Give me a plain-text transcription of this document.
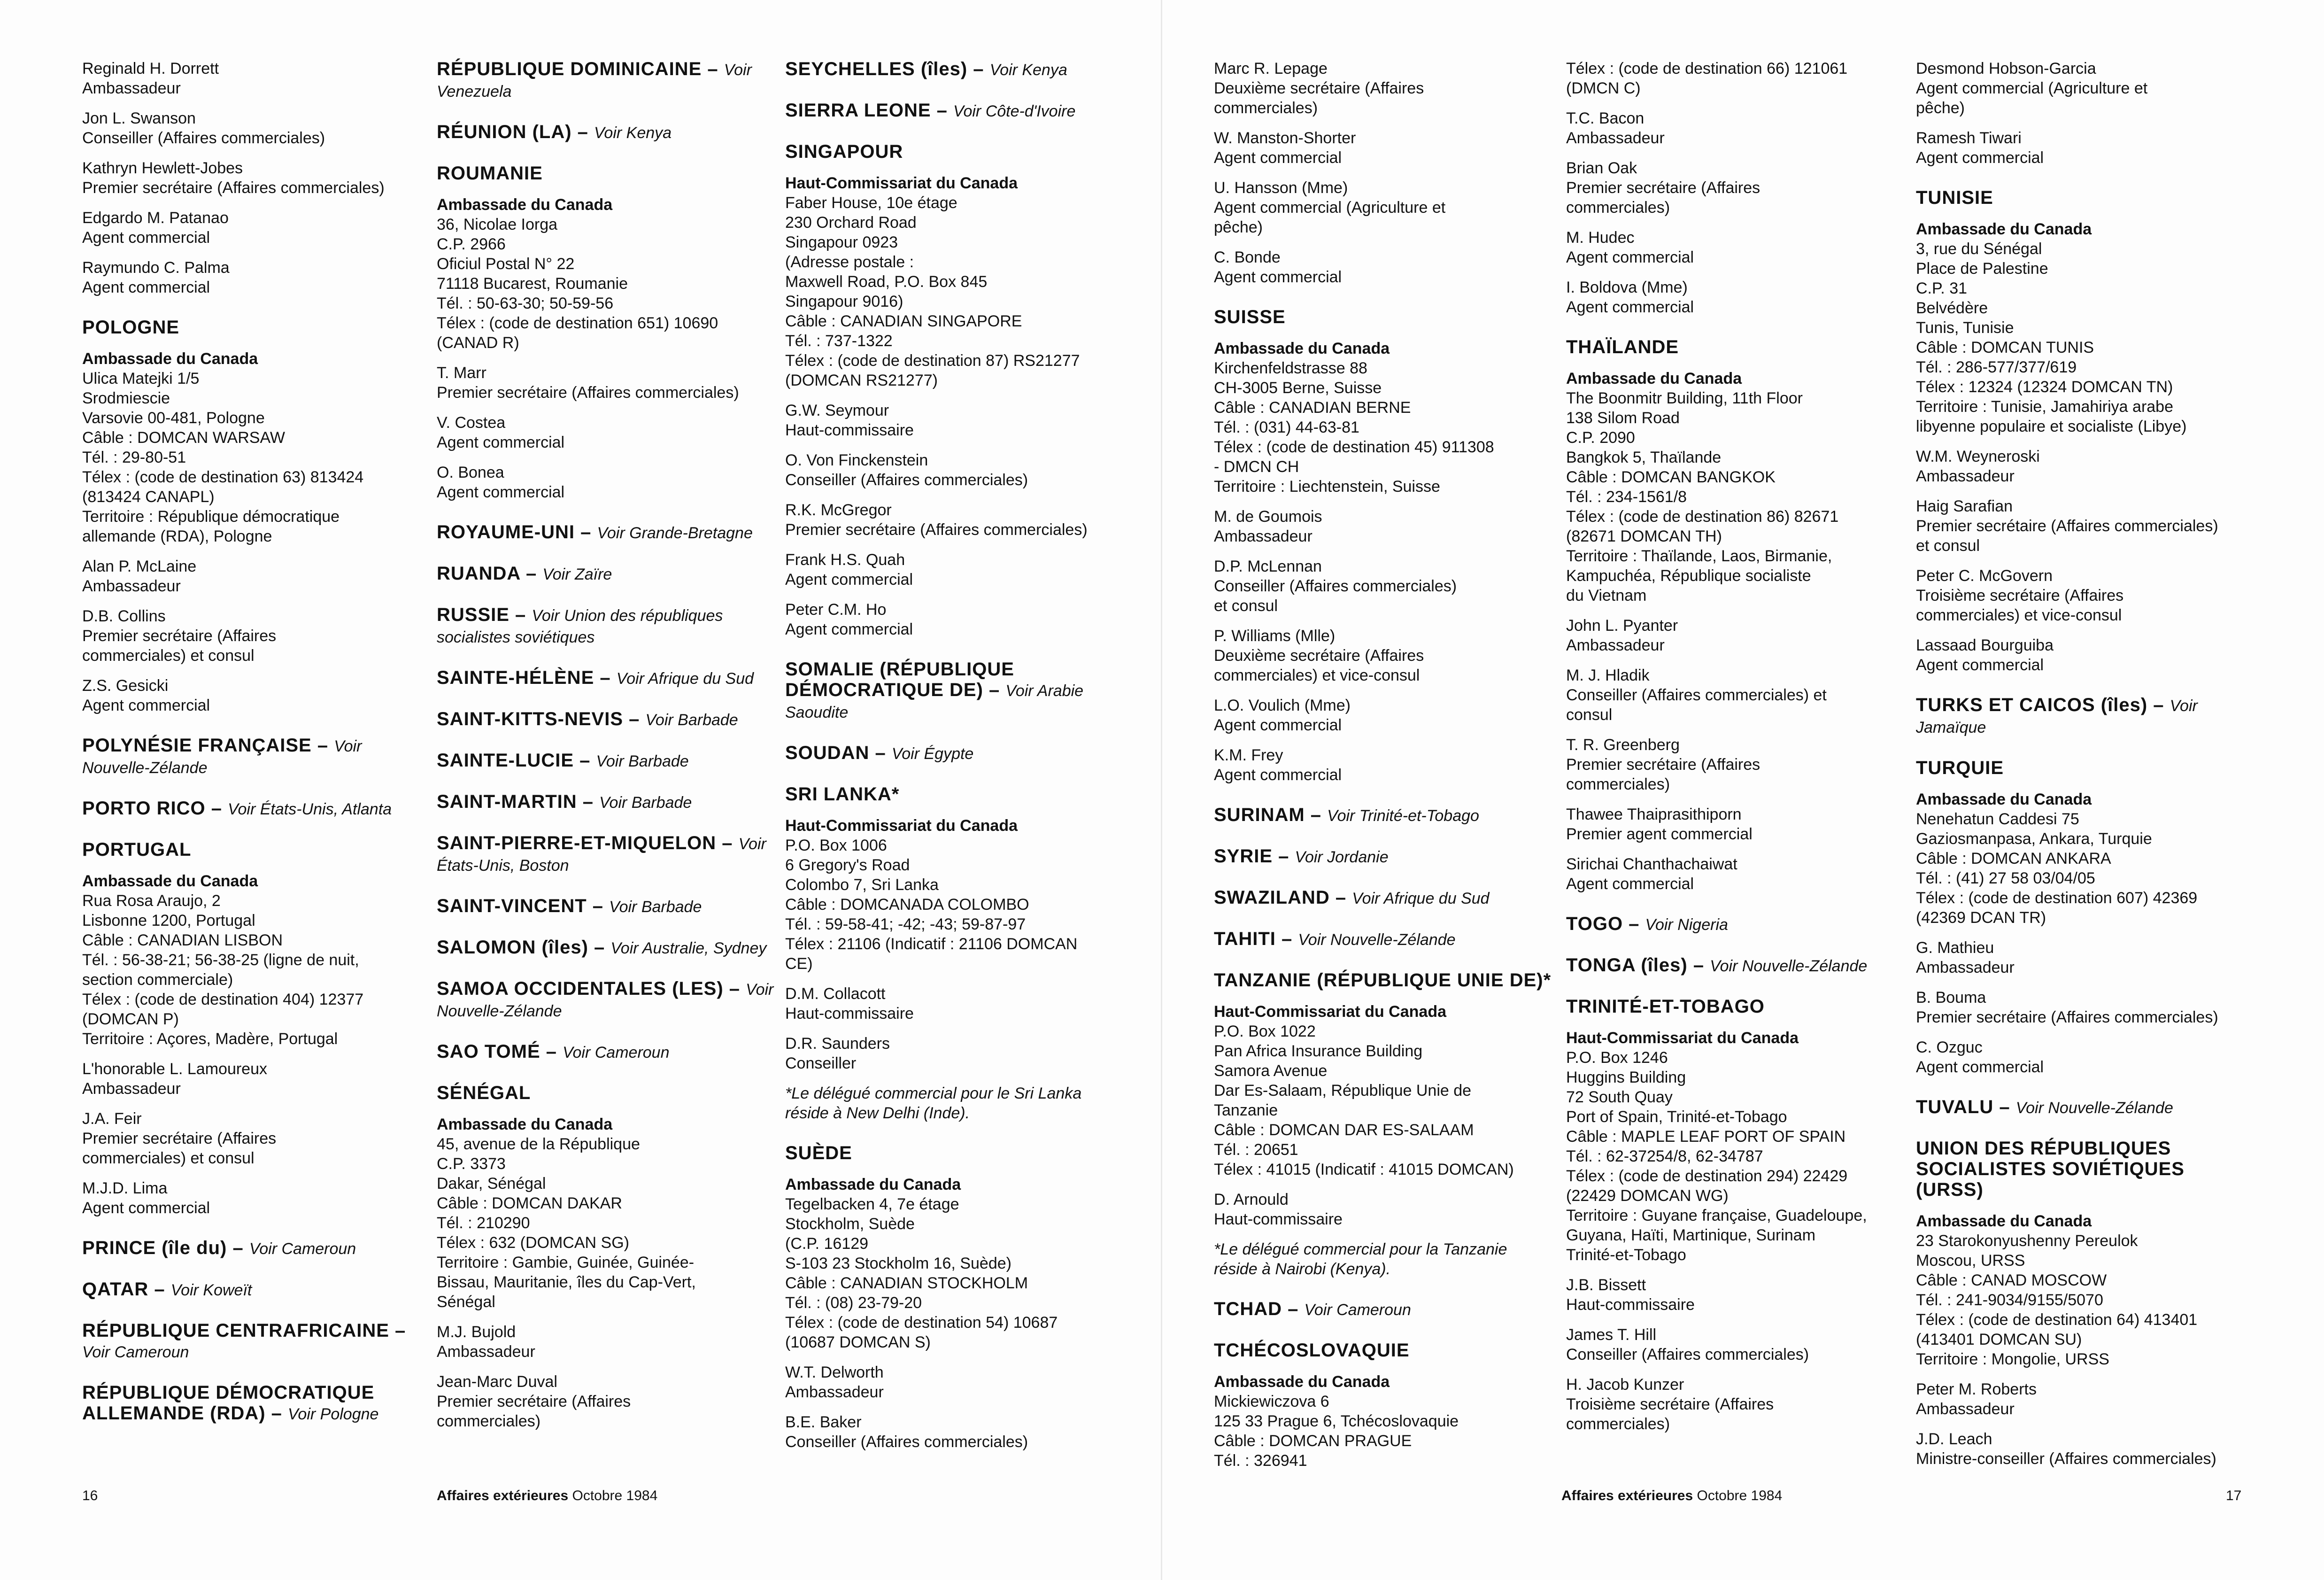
Reginald H. Dorrett
Ambassadeur
Jon L. Swanson
Conseiller (Affaires commerciales)
Kathryn Hewlett-Jobes
Premier secrétaire (Affaires commerciales)
Edgardo M. Patanao
Agent commercial
Raymundo C. Palma
Agent commercial
POLOGNE
Ambassade du Canada
Ulica Matejki 1/5
Srodmiescie
Varsovie 00-481, Pologne
Câble : DOMCAN WARSAW
Tél. : 29-80-51
Télex : (code de destination 63) 813424
(813424 CANAPL)
Territoire : République démocratique
allemande (RDA), Pologne
Alan P. McLaine
Ambassadeur
D.B. Collins
Premier secrétaire (Affaires
commerciales) et consul
Z.S. Gesicki
Agent commercial
POLYNÉSIE FRANÇAISE – Voir Nouvelle-Zélande
PORTO RICO – Voir États-Unis, Atlanta
PORTUGAL
Ambassade du Canada
Rua Rosa Araujo, 2
Lisbonne 1200, Portugal
Câble : CANADIAN LISBON
Tél. : 56-38-21; 56-38-25 (ligne de nuit,
section commerciale)
Télex : (code de destination 404) 12377
(DOMCAN P)
Territoire : Açores, Madère, Portugal
L'honorable L. Lamoureux
Ambassadeur
J.A. Feir
Premier secrétaire (Affaires
commerciales) et consul
M.J.D. Lima
Agent commercial
PRINCE (île du) – Voir Cameroun
QATAR – Voir Koweït
RÉPUBLIQUE CENTRAFRICAINE – Voir Cameroun
RÉPUBLIQUE DÉMOCRATIQUE ALLEMANDE (RDA) – Voir Pologne
RÉPUBLIQUE DOMINICAINE – Voir Venezuela
RÉUNION (LA) – Voir Kenya
ROUMANIE
Ambassade du Canada
36, Nicolae Iorga
C.P. 2966
Oficiul Postal N° 22
71118 Bucarest, Roumanie
Tél. : 50-63-30; 50-59-56
Télex : (code de destination 651) 10690
(CANAD R)
T. Marr
Premier secrétaire (Affaires commerciales)
V. Costea
Agent commercial
O. Bonea
Agent commercial
ROYAUME-UNI – Voir Grande-Bretagne
RUANDA – Voir Zaïre
RUSSIE – Voir Union des républiques socialistes soviétiques
SAINTE-HÉLÈNE – Voir Afrique du Sud
SAINT-KITTS-NEVIS – Voir Barbade
SAINTE-LUCIE – Voir Barbade
SAINT-MARTIN – Voir Barbade
SAINT-PIERRE-ET-MIQUELON – Voir États-Unis, Boston
SAINT-VINCENT – Voir Barbade
SALOMON (îles) – Voir Australie, Sydney
SAMOA OCCIDENTALES (LES) – Voir Nouvelle-Zélande
SAO TOMÉ – Voir Cameroun
SÉNÉGAL
Ambassade du Canada
45, avenue de la République
C.P. 3373
Dakar, Sénégal
Câble : DOMCAN DAKAR
Tél. : 210290
Télex : 632 (DOMCAN SG)
Territoire : Gambie, Guinée, Guinée-
Bissau, Mauritanie, îles du Cap-Vert,
Sénégal
M.J. Bujold
Ambassadeur
Jean-Marc Duval
Premier secrétaire (Affaires
commerciales)
SEYCHELLES (îles) – Voir Kenya
SIERRA LEONE – Voir Côte-d'Ivoire
SINGAPOUR
Haut-Commissariat du Canada
Faber House, 10e étage
230 Orchard Road
Singapour 0923
(Adresse postale :
Maxwell Road, P.O. Box 845
Singapour 9016)
Câble : CANADIAN SINGAPORE
Tél. : 737-1322
Télex : (code de destination 87) RS21277
(DOMCAN RS21277)
G.W. Seymour
Haut-commissaire
O. Von Finckenstein
Conseiller (Affaires commerciales)
R.K. McGregor
Premier secrétaire (Affaires commerciales)
Frank H.S. Quah
Agent commercial
Peter C.M. Ho
Agent commercial
SOMALIE (RÉPUBLIQUE DÉMOCRATIQUE DE) – Voir Arabie Saoudite
SOUDAN – Voir Égypte
SRI LANKA*
Haut-Commissariat du Canada
P.O. Box 1006
6 Gregory's Road
Colombo 7, Sri Lanka
Câble : DOMCANADA COLOMBO
Tél. : 59-58-41; -42; -43; 59-87-97
Télex : 21106 (Indicatif : 21106 DOMCAN
CE)
D.M. Collacott
Haut-commissaire
D.R. Saunders
Conseiller
*Le délégué commercial pour le Sri Lanka réside à New Delhi (Inde).
SUÈDE
Ambassade du Canada
Tegelbacken 4, 7e étage
Stockholm, Suède
(C.P. 16129
S-103 23 Stockholm 16, Suède)
Câble : CANADIAN STOCKHOLM
Tél. : (08) 23-79-20
Télex : (code de destination 54) 10687
(10687 DOMCAN S)
W.T. Delworth
Ambassadeur
B.E. Baker
Conseiller (Affaires commerciales)
16	Affaires extérieures Octobre 1984
Marc R. Lepage
Deuxième secrétaire (Affaires
commerciales)
W. Manston-Shorter
Agent commercial
U. Hansson (Mme)
Agent commercial (Agriculture et
pêche)
C. Bonde
Agent commercial
SUISSE
Ambassade du Canada
Kirchenfeldstrasse 88
CH-3005 Berne, Suisse
Câble : CANADIAN BERNE
Tél. : (031) 44-63-81
Télex : (code de destination 45) 911308
- DMCN CH
Territoire : Liechtenstein, Suisse
M. de Goumois
Ambassadeur
D.P. McLennan
Conseiller (Affaires commerciales)
et consul
P. Williams (Mlle)
Deuxième secrétaire (Affaires
commerciales) et vice-consul
L.O. Voulich (Mme)
Agent commercial
K.M. Frey
Agent commercial
SURINAM – Voir Trinité-et-Tobago
SYRIE – Voir Jordanie
SWAZILAND – Voir Afrique du Sud
TAHITI – Voir Nouvelle-Zélande
TANZANIE (RÉPUBLIQUE UNIE DE)*
Haut-Commissariat du Canada
P.O. Box 1022
Pan Africa Insurance Building
Samora Avenue
Dar Es-Salaam, République Unie de
Tanzanie
Câble : DOMCAN DAR ES-SALAAM
Tél. : 20651
Télex : 41015 (Indicatif : 41015 DOMCAN)
D. Arnould
Haut-commissaire
*Le délégué commercial pour la Tanzanie réside à Nairobi (Kenya).
TCHAD – Voir Cameroun
TCHÉCOSLOVAQUIE
Ambassade du Canada
Mickiewiczova 6
125 33 Prague 6, Tchécoslovaquie
Câble : DOMCAN PRAGUE
Tél. : 326941
Télex : (code de destination 66) 121061
(DMCN C)
T.C. Bacon
Ambassadeur
Brian Oak
Premier secrétaire (Affaires
commerciales)
M. Hudec
Agent commercial
I. Boldova (Mme)
Agent commercial
THAÏLANDE
Ambassade du Canada
The Boonmitr Building, 11th Floor
138 Silom Road
C.P. 2090
Bangkok 5, Thaïlande
Câble : DOMCAN BANGKOK
Tél. : 234-1561/8
Télex : (code de destination 86) 82671
(82671 DOMCAN TH)
Territoire : Thaïlande, Laos, Birmanie,
Kampuchéa, République socialiste
du Vietnam
John L. Pyanter
Ambassadeur
M. J. Hladik
Conseiller (Affaires commerciales) et
consul
T. R. Greenberg
Premier secrétaire (Affaires
commerciales)
Thawee Thaiprasithiporn
Premier agent commercial
Sirichai Chanthachaiwat
Agent commercial
TOGO – Voir Nigeria
TONGA (îles) – Voir Nouvelle-Zélande
TRINITÉ-ET-TOBAGO
Haut-Commissariat du Canada
P.O. Box 1246
Huggins Building
72 South Quay
Port of Spain, Trinité-et-Tobago
Câble : MAPLE LEAF PORT OF SPAIN
Tél. : 62-37254/8, 62-34787
Télex : (code de destination 294) 22429
(22429 DOMCAN WG)
Territoire : Guyane française, Guadeloupe,
Guyana, Haïti, Martinique, Surinam
Trinité-et-Tobago
J.B. Bissett
Haut-commissaire
James T. Hill
Conseiller (Affaires commerciales)
H. Jacob Kunzer
Troisième secrétaire (Affaires
commerciales)
Desmond Hobson-Garcia
Agent commercial (Agriculture et
pêche)
Ramesh Tiwari
Agent commercial
TUNISIE
Ambassade du Canada
3, rue du Sénégal
Place de Palestine
C.P. 31
Belvédère
Tunis, Tunisie
Câble : DOMCAN TUNIS
Tél. : 286-577/377/619
Télex : 12324 (12324 DOMCAN TN)
Territoire : Tunisie, Jamahiriya arabe
libyenne populaire et socialiste (Libye)
W.M. Weyneroski
Ambassadeur
Haig Sarafian
Premier secrétaire (Affaires commerciales)
et consul
Peter C. McGovern
Troisième secrétaire (Affaires
commerciales) et vice-consul
Lassaad Bourguiba
Agent commercial
TURKS ET CAICOS (îles) – Voir Jamaïque
TURQUIE
Ambassade du Canada
Nenehatun Caddesi 75
Gaziosmanpasa, Ankara, Turquie
Câble : DOMCAN ANKARA
Tél. : (41) 27 58 03/04/05
Télex : (code de destination 607) 42369
(42369 DCAN TR)
G. Mathieu
Ambassadeur
B. Bouma
Premier secrétaire (Affaires commerciales)
C. Ozguc
Agent commercial
TUVALU – Voir Nouvelle-Zélande
UNION DES RÉPUBLIQUES SOCIALISTES SOVIÉTIQUES (URSS)
Ambassade du Canada
23 Starokonyushenny Pereulok
Moscou, URSS
Câble : CANAD MOSCOW
Tél. : 241-9034/9155/5070
Télex : (code de destination 64) 413401
(413401 DOMCAN SU)
Territoire : Mongolie, URSS
Peter M. Roberts
Ambassadeur
J.D. Leach
Ministre-conseiller (Affaires commerciales)
Affaires extérieures Octobre 1984	17
